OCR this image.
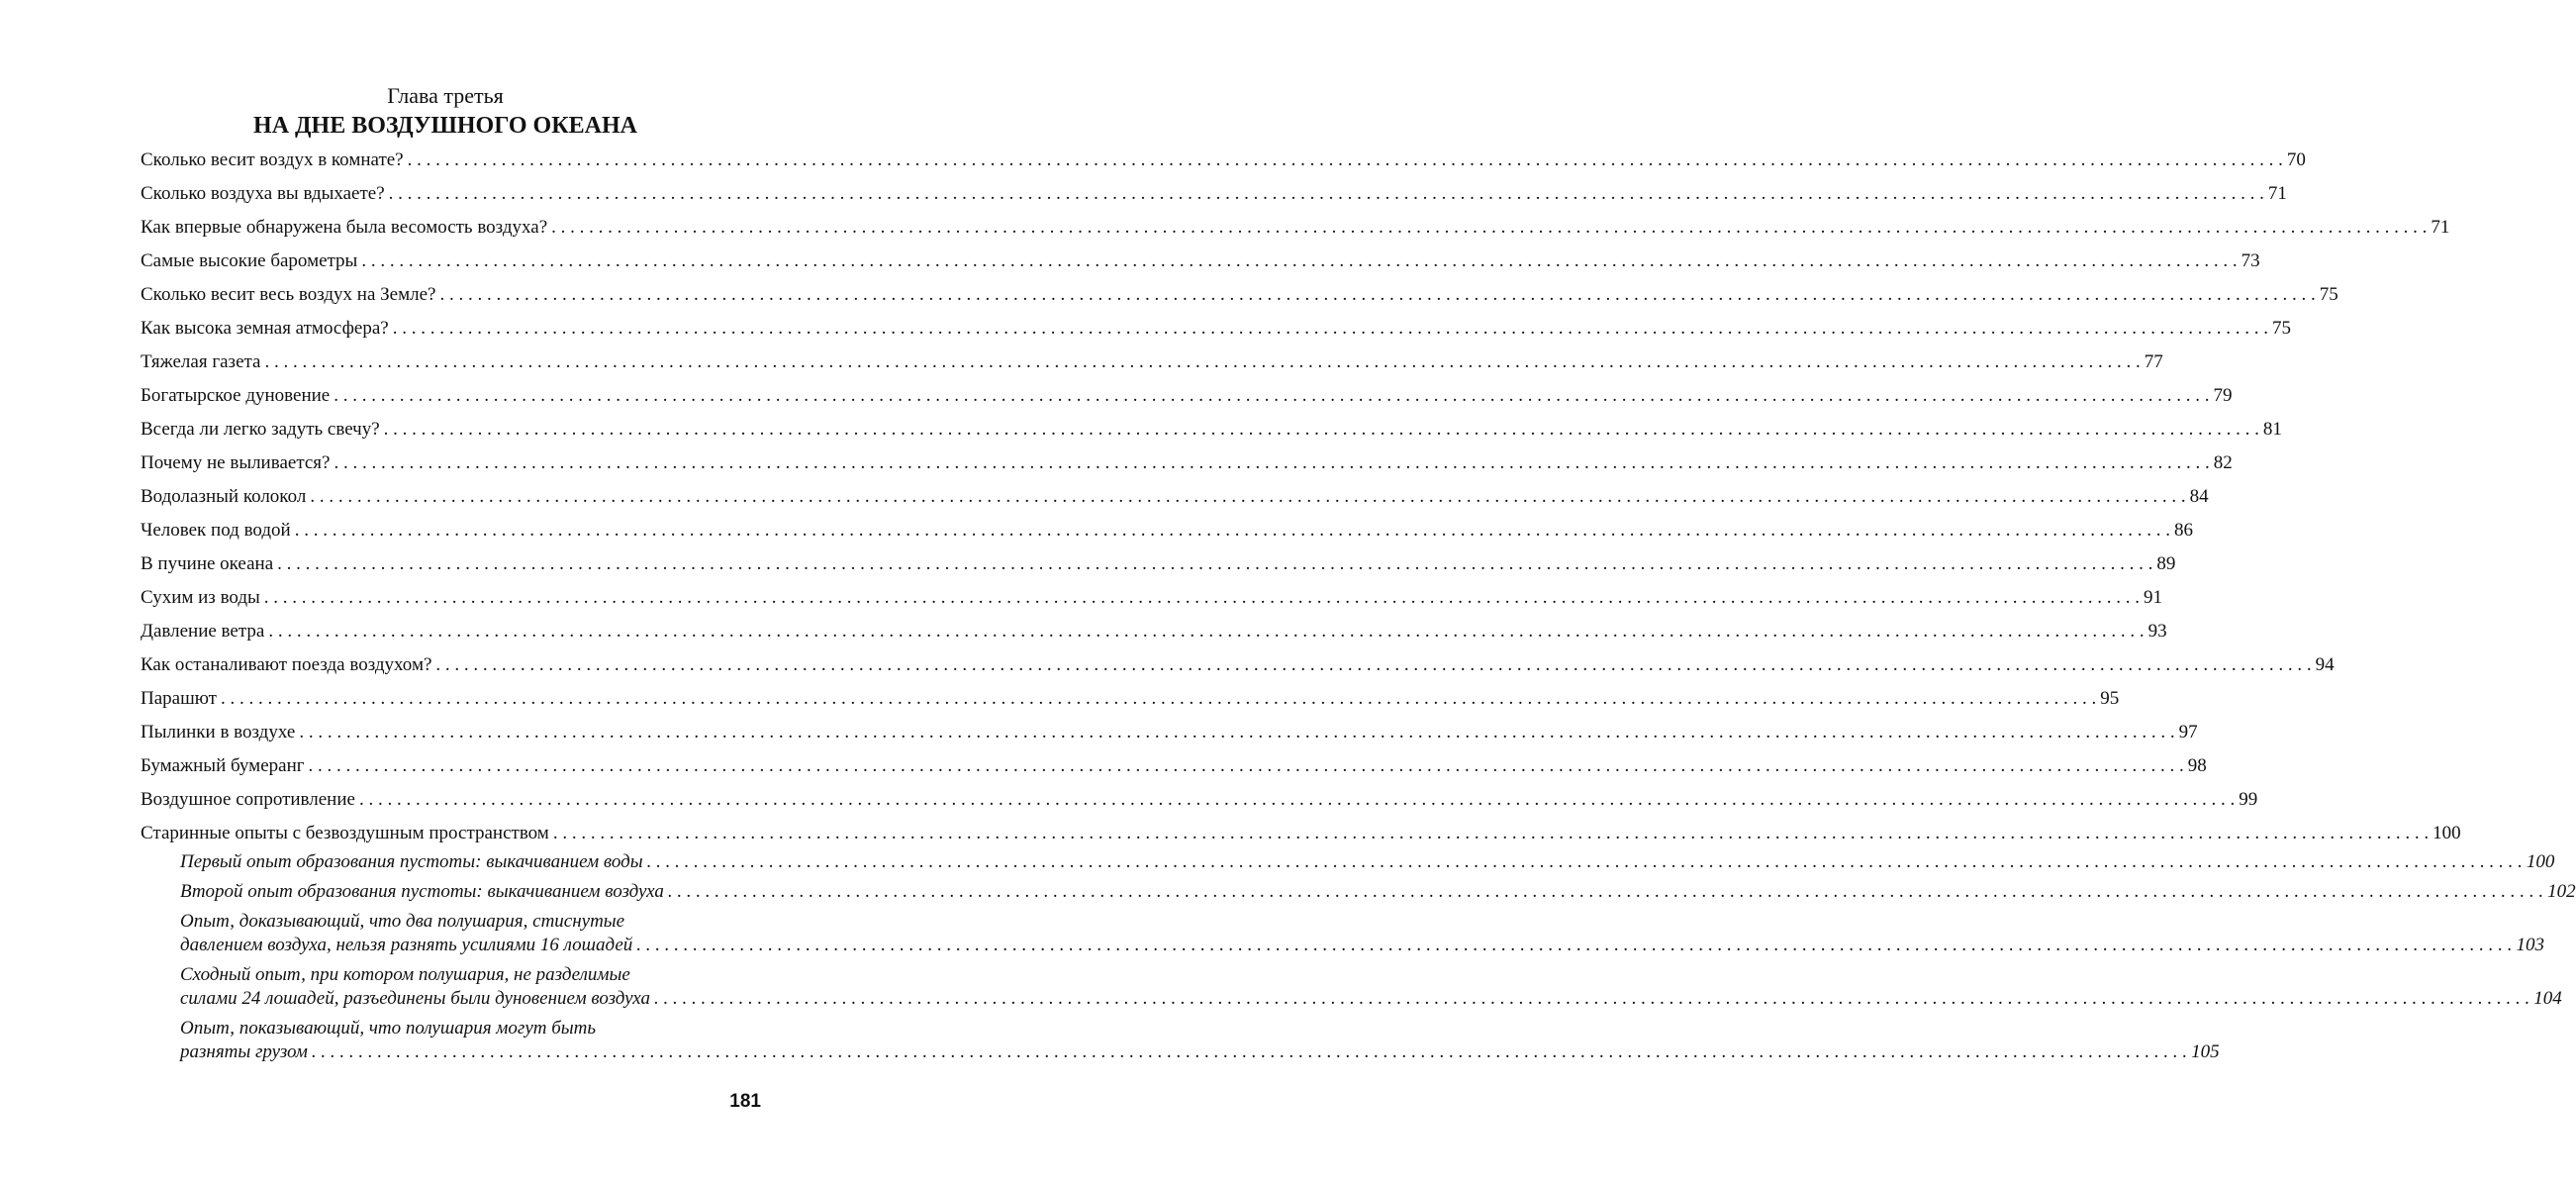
Глава третья
НА ДНЕ ВОЗДУШНОГО ОКЕАНА
Сколько весит воздух в комнате? . . . . . . . . . . . . . . . . . . . . . . . . . . . . . . . . . . . . . . . . . . . . . . . . . . . . . . . . . . . . . . . . . . . . . . . . . . . . . . . . . . . . . . . . . . . . . . . . . . . . . . . . . . . . . . . . . . . . . . . . . . . . . . . . . . . . . . . . . . . . . . . . . . . . . . . . . . . . . . . . . . . . . . . . . . . . . . . . . . . . . . . . . . . . . . . . . . . . . . . . 70
Сколько воздуха вы вдыхаете? . . . . . . . . . . . . . . . . . . . . . . . . . . . . . . . . . . . . . . . . . . . . . . . . . . . . . . . . . . . . . . . . . . . . . . . . . . . . . . . . . . . . . . . . . . . . . . . . . . . . . . . . . . . . . . . . . . . . . . . . . . . . . . . . . . . . . . . . . . . . . . . . . . . . . . . . . . . . . . . . . . . . . . . . . . . . . . . . . . . . . . . . . . . . . . . . . . . . . . . . 71
Как впервые обнаружена была весомость воздуха? . . . . . . . . . . . . . . . . . . . . . . . . . . . . . . . . . . . . . . . . . . . . . . . . . . . . . . . . . . . . . . . . . . . . . . . . . . . . . . . . . . . . . . . . . . . . . . . . . . . . . . . . . . . . . . . . . . . . . . . . . . . . . . . . . . . . . . . . . . . . . . . . . . . . . . . . . . . . . . . . . . . . . . . . . . . . . . . . . . . . . . . . . . . . . . . . . . . . . . . . 71
Самые высокие барометры . . . . . . . . . . . . . . . . . . . . . . . . . . . . . . . . . . . . . . . . . . . . . . . . . . . . . . . . . . . . . . . . . . . . . . . . . . . . . . . . . . . . . . . . . . . . . . . . . . . . . . . . . . . . . . . . . . . . . . . . . . . . . . . . . . . . . . . . . . . . . . . . . . . . . . . . . . . . . . . . . . . . . . . . . . . . . . . . . . . . . . . . . . . . . . . . . . . . . . . . 73
Сколько весит весь воздух на Земле? . . . . . . . . . . . . . . . . . . . . . . . . . . . . . . . . . . . . . . . . . . . . . . . . . . . . . . . . . . . . . . . . . . . . . . . . . . . . . . . . . . . . . . . . . . . . . . . . . . . . . . . . . . . . . . . . . . . . . . . . . . . . . . . . . . . . . . . . . . . . . . . . . . . . . . . . . . . . . . . . . . . . . . . . . . . . . . . . . . . . . . . . . . . . . . . . . . . . . . . . 75
Как высока земная атмосфера? . . . . . . . . . . . . . . . . . . . . . . . . . . . . . . . . . . . . . . . . . . . . . . . . . . . . . . . . . . . . . . . . . . . . . . . . . . . . . . . . . . . . . . . . . . . . . . . . . . . . . . . . . . . . . . . . . . . . . . . . . . . . . . . . . . . . . . . . . . . . . . . . . . . . . . . . . . . . . . . . . . . . . . . . . . . . . . . . . . . . . . . . . . . . . . . . . . . . . . . . 75
Тяжелая газета . . . . . . . . . . . . . . . . . . . . . . . . . . . . . . . . . . . . . . . . . . . . . . . . . . . . . . . . . . . . . . . . . . . . . . . . . . . . . . . . . . . . . . . . . . . . . . . . . . . . . . . . . . . . . . . . . . . . . . . . . . . . . . . . . . . . . . . . . . . . . . . . . . . . . . . . . . . . . . . . . . . . . . . . . . . . . . . . . . . . . . . . . . . . . . . . . . . . . . . . 77
Богатырское дуновение . . . . . . . . . . . . . . . . . . . . . . . . . . . . . . . . . . . . . . . . . . . . . . . . . . . . . . . . . . . . . . . . . . . . . . . . . . . . . . . . . . . . . . . . . . . . . . . . . . . . . . . . . . . . . . . . . . . . . . . . . . . . . . . . . . . . . . . . . . . . . . . . . . . . . . . . . . . . . . . . . . . . . . . . . . . . . . . . . . . . . . . . . . . . . . . . . . . . . . . . 79
Всегда ли легко задуть свечу? . . . . . . . . . . . . . . . . . . . . . . . . . . . . . . . . . . . . . . . . . . . . . . . . . . . . . . . . . . . . . . . . . . . . . . . . . . . . . . . . . . . . . . . . . . . . . . . . . . . . . . . . . . . . . . . . . . . . . . . . . . . . . . . . . . . . . . . . . . . . . . . . . . . . . . . . . . . . . . . . . . . . . . . . . . . . . . . . . . . . . . . . . . . . . . . . . . . . . . . . 81
Почему не выливается? . . . . . . . . . . . . . . . . . . . . . . . . . . . . . . . . . . . . . . . . . . . . . . . . . . . . . . . . . . . . . . . . . . . . . . . . . . . . . . . . . . . . . . . . . . . . . . . . . . . . . . . . . . . . . . . . . . . . . . . . . . . . . . . . . . . . . . . . . . . . . . . . . . . . . . . . . . . . . . . . . . . . . . . . . . . . . . . . . . . . . . . . . . . . . . . . . . . . . . . . 82
Водолазный колокол . . . . . . . . . . . . . . . . . . . . . . . . . . . . . . . . . . . . . . . . . . . . . . . . . . . . . . . . . . . . . . . . . . . . . . . . . . . . . . . . . . . . . . . . . . . . . . . . . . . . . . . . . . . . . . . . . . . . . . . . . . . . . . . . . . . . . . . . . . . . . . . . . . . . . . . . . . . . . . . . . . . . . . . . . . . . . . . . . . . . . . . . . . . . . . . . . . . . . . . . 84
Человек под водой . . . . . . . . . . . . . . . . . . . . . . . . . . . . . . . . . . . . . . . . . . . . . . . . . . . . . . . . . . . . . . . . . . . . . . . . . . . . . . . . . . . . . . . . . . . . . . . . . . . . . . . . . . . . . . . . . . . . . . . . . . . . . . . . . . . . . . . . . . . . . . . . . . . . . . . . . . . . . . . . . . . . . . . . . . . . . . . . . . . . . . . . . . . . . . . . . . . . . . . . 86
В пучине океана . . . . . . . . . . . . . . . . . . . . . . . . . . . . . . . . . . . . . . . . . . . . . . . . . . . . . . . . . . . . . . . . . . . . . . . . . . . . . . . . . . . . . . . . . . . . . . . . . . . . . . . . . . . . . . . . . . . . . . . . . . . . . . . . . . . . . . . . . . . . . . . . . . . . . . . . . . . . . . . . . . . . . . . . . . . . . . . . . . . . . . . . . . . . . . . . . . . . . . . . 89
Сухим из воды . . . . . . . . . . . . . . . . . . . . . . . . . . . . . . . . . . . . . . . . . . . . . . . . . . . . . . . . . . . . . . . . . . . . . . . . . . . . . . . . . . . . . . . . . . . . . . . . . . . . . . . . . . . . . . . . . . . . . . . . . . . . . . . . . . . . . . . . . . . . . . . . . . . . . . . . . . . . . . . . . . . . . . . . . . . . . . . . . . . . . . . . . . . . . . . . . . . . . . . . 91
Давление ветра . . . . . . . . . . . . . . . . . . . . . . . . . . . . . . . . . . . . . . . . . . . . . . . . . . . . . . . . . . . . . . . . . . . . . . . . . . . . . . . . . . . . . . . . . . . . . . . . . . . . . . . . . . . . . . . . . . . . . . . . . . . . . . . . . . . . . . . . . . . . . . . . . . . . . . . . . . . . . . . . . . . . . . . . . . . . . . . . . . . . . . . . . . . . . . . . . . . . . . . . 93
Как останаливают поезда воздухом? . . . . . . . . . . . . . . . . . . . . . . . . . . . . . . . . . . . . . . . . . . . . . . . . . . . . . . . . . . . . . . . . . . . . . . . . . . . . . . . . . . . . . . . . . . . . . . . . . . . . . . . . . . . . . . . . . . . . . . . . . . . . . . . . . . . . . . . . . . . . . . . . . . . . . . . . . . . . . . . . . . . . . . . . . . . . . . . . . . . . . . . . . . . . . . . . . . . . . . . . 94
Парашют . . . . . . . . . . . . . . . . . . . . . . . . . . . . . . . . . . . . . . . . . . . . . . . . . . . . . . . . . . . . . . . . . . . . . . . . . . . . . . . . . . . . . . . . . . . . . . . . . . . . . . . . . . . . . . . . . . . . . . . . . . . . . . . . . . . . . . . . . . . . . . . . . . . . . . . . . . . . . . . . . . . . . . . . . . . . . . . . . . . . . . . . . . . . . . . . . . . . . . . . 95
Пылинки в воздухе . . . . . . . . . . . . . . . . . . . . . . . . . . . . . . . . . . . . . . . . . . . . . . . . . . . . . . . . . . . . . . . . . . . . . . . . . . . . . . . . . . . . . . . . . . . . . . . . . . . . . . . . . . . . . . . . . . . . . . . . . . . . . . . . . . . . . . . . . . . . . . . . . . . . . . . . . . . . . . . . . . . . . . . . . . . . . . . . . . . . . . . . . . . . . . . . . . . . . . . . 97
Бумажный бумеранг . . . . . . . . . . . . . . . . . . . . . . . . . . . . . . . . . . . . . . . . . . . . . . . . . . . . . . . . . . . . . . . . . . . . . . . . . . . . . . . . . . . . . . . . . . . . . . . . . . . . . . . . . . . . . . . . . . . . . . . . . . . . . . . . . . . . . . . . . . . . . . . . . . . . . . . . . . . . . . . . . . . . . . . . . . . . . . . . . . . . . . . . . . . . . . . . . . . . . . . . 98
Воздушное сопротивление . . . . . . . . . . . . . . . . . . . . . . . . . . . . . . . . . . . . . . . . . . . . . . . . . . . . . . . . . . . . . . . . . . . . . . . . . . . . . . . . . . . . . . . . . . . . . . . . . . . . . . . . . . . . . . . . . . . . . . . . . . . . . . . . . . . . . . . . . . . . . . . . . . . . . . . . . . . . . . . . . . . . . . . . . . . . . . . . . . . . . . . . . . . . . . . . . . . . . . . . 99
Старинные опыты с безвоздушным пространством . . . . . . . . . . . . . . . . . . . . . . . . . . . . . . . . . . . . . . . . . . . . . . . . . . . . . . . . . . . . . . . . . . . . . . . . . . . . . . . . . . . . . . . . . . . . . . . . . . . . . . . . . . . . . . . . . . . . . . . . . . . . . . . . . . . . . . . . . . . . . . . . . . . . . . . . . . . . . . . . . . . . . . . . . . . . . . . . . . . . . . . . . . . . . . . . . . . . . . . . 100
Первый опыт образования пустоты: выкачиванием воды . . . . . . . . . . . . . . . . . . . . . . . . . . . . . . . . . . . . . . . . . . . . . . . . . . . . . . . . . . . . . . . . . . . . . . . . . . . . . . . . . . . . . . . . . . . . . . . . . . . . . . . . . . . . . . . . . . . . . . . . . . . . . . . . . . . . . . . . . . . . . . . . . . . . . . . . . . . . . . . . . . . . . . . . . . . . . . . . . . . . . . . . . . . . . . . . . . . . . . . . 100
Второй опыт образования пустоты: выкачиванием воздуха . . . . . . . . . . . . . . . . . . . . . . . . . . . . . . . . . . . . . . . . . . . . . . . . . . . . . . . . . . . . . . . . . . . . . . . . . . . . . . . . . . . . . . . . . . . . . . . . . . . . . . . . . . . . . . . . . . . . . . . . . . . . . . . . . . . . . . . . . . . . . . . . . . . . . . . . . . . . . . . . . . . . . . . . . . . . . . . . . . . . . . . . . . . . . . . . . . . . . . . . 102
Опыт, доказывающий, что два полушария, стиснутые
давлением воздуха, нельзя разнять усилиями 16 лошадей . . . . . . . . . . . . . . . . . . . . . . . . . . . . . . . . . . . . . . . . . . . . . . . . . . . . . . . . . . . . . . . . . . . . . . . . . . . . . . . . . . . . . . . . . . . . . . . . . . . . . . . . . . . . . . . . . . . . . . . . . . . . . . . . . . . . . . . . . . . . . . . . . . . . . . . . . . . . . . . . . . . . . . . . . . . . . . . . . . . . . . . . . . . . . . . . . . . . . . . . 103
Сходный опыт, при котором полушария, не разделимые
силами 24 лошадей, разъединены были дуновением воздуха . . . . . . . . . . . . . . . . . . . . . . . . . . . . . . . . . . . . . . . . . . . . . . . . . . . . . . . . . . . . . . . . . . . . . . . . . . . . . . . . . . . . . . . . . . . . . . . . . . . . . . . . . . . . . . . . . . . . . . . . . . . . . . . . . . . . . . . . . . . . . . . . . . . . . . . . . . . . . . . . . . . . . . . . . . . . . . . . . . . . . . . . . . . . . . . . . . . . . . . . 104
Опыт, показывающий, что полушария могут быть
разняты грузом . . . . . . . . . . . . . . . . . . . . . . . . . . . . . . . . . . . . . . . . . . . . . . . . . . . . . . . . . . . . . . . . . . . . . . . . . . . . . . . . . . . . . . . . . . . . . . . . . . . . . . . . . . . . . . . . . . . . . . . . . . . . . . . . . . . . . . . . . . . . . . . . . . . . . . . . . . . . . . . . . . . . . . . . . . . . . . . . . . . . . . . . . . . . . . . . . . . . . . . . 105
181
